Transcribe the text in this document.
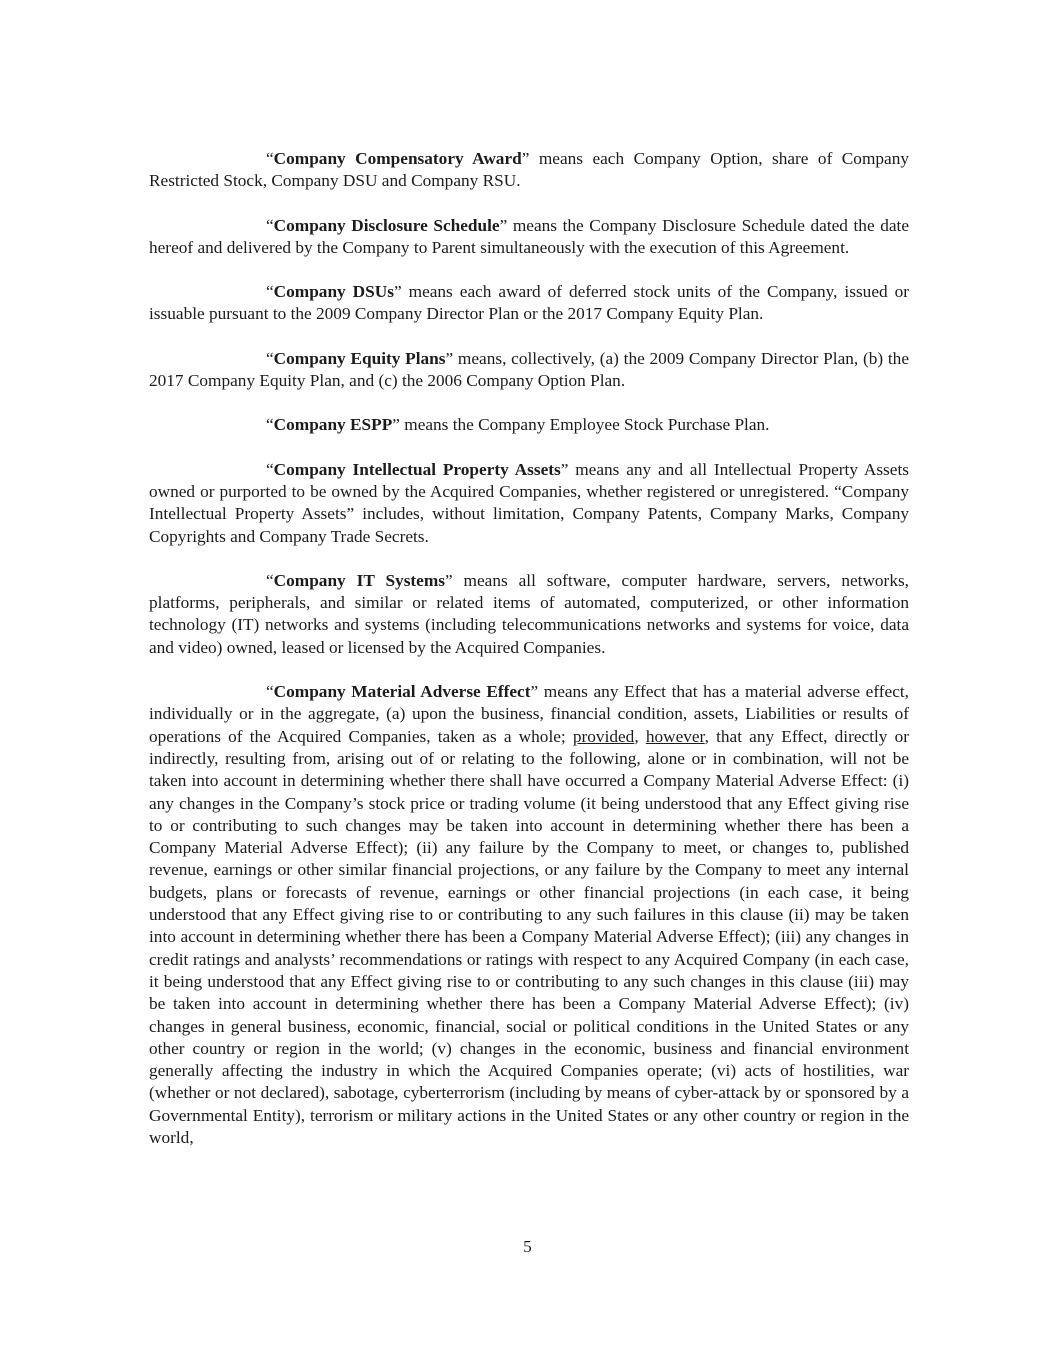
“Company Compensatory Award” means each Company Option, share of Company Restricted Stock, Company DSU and Company RSU.

“Company Disclosure Schedule” means the Company Disclosure Schedule dated the date hereof and delivered by the Company to Parent simultaneously with the execution of this Agreement.

“Company DSUs” means each award of deferred stock units of the Company, issued or issuable pursuant to the 2009 Company Director Plan or the 2017 Company Equity Plan.

“Company Equity Plans” means, collectively, (a) the 2009 Company Director Plan, (b) the 2017 Company Equity Plan, and (c) the 2006 Company Option Plan.

“Company ESPP” means the Company Employee Stock Purchase Plan.

“Company Intellectual Property Assets” means any and all Intellectual Property Assets owned or purported to be owned by the Acquired Companies, whether registered or unregistered. “Company Intellectual Property Assets” includes, without limitation, Company Patents, Company Marks, Company Copyrights and Company Trade Secrets.

“Company IT Systems” means all software, computer hardware, servers, networks, platforms, peripherals, and similar or related items of automated, computerized, or other information technology (IT) networks and systems (including telecommunications networks and systems for voice, data and video) owned, leased or licensed by the Acquired Companies.

“Company Material Adverse Effect” means any Effect that has a material adverse effect, individually or in the aggregate, (a) upon the business, financial condition, assets, Liabilities or results of operations of the Acquired Companies, taken as a whole; provided, however, that any Effect, directly or indirectly, resulting from, arising out of or relating to the following, alone or in combination, will not be taken into account in determining whether there shall have occurred a Company Material Adverse Effect: (i) any changes in the Company’s stock price or trading volume (it being understood that any Effect giving rise to or contributing to such changes may be taken into account in determining whether there has been a Company Material Adverse Effect); (ii) any failure by the Company to meet, or changes to, published revenue, earnings or other similar financial projections, or any failure by the Company to meet any internal budgets, plans or forecasts of revenue, earnings or other financial projections (in each case, it being understood that any Effect giving rise to or contributing to any such failures in this clause (ii) may be taken into account in determining whether there has been a Company Material Adverse Effect); (iii) any changes in credit ratings and analysts’ recommendations or ratings with respect to any Acquired Company (in each case, it being understood that any Effect giving rise to or contributing to any such changes in this clause (iii) may be taken into account in determining whether there has been a Company Material Adverse Effect); (iv) changes in general business, economic, financial, social or political conditions in the United States or any other country or region in the world; (v) changes in the economic, business and financial environment generally affecting the industry in which the Acquired Companies operate; (vi) acts of hostilities, war (whether or not declared), sabotage, cyberterrorism (including by means of cyber-attack by or sponsored by a Governmental Entity), terrorism or military actions in the United States or any other country or region in the world,

5
